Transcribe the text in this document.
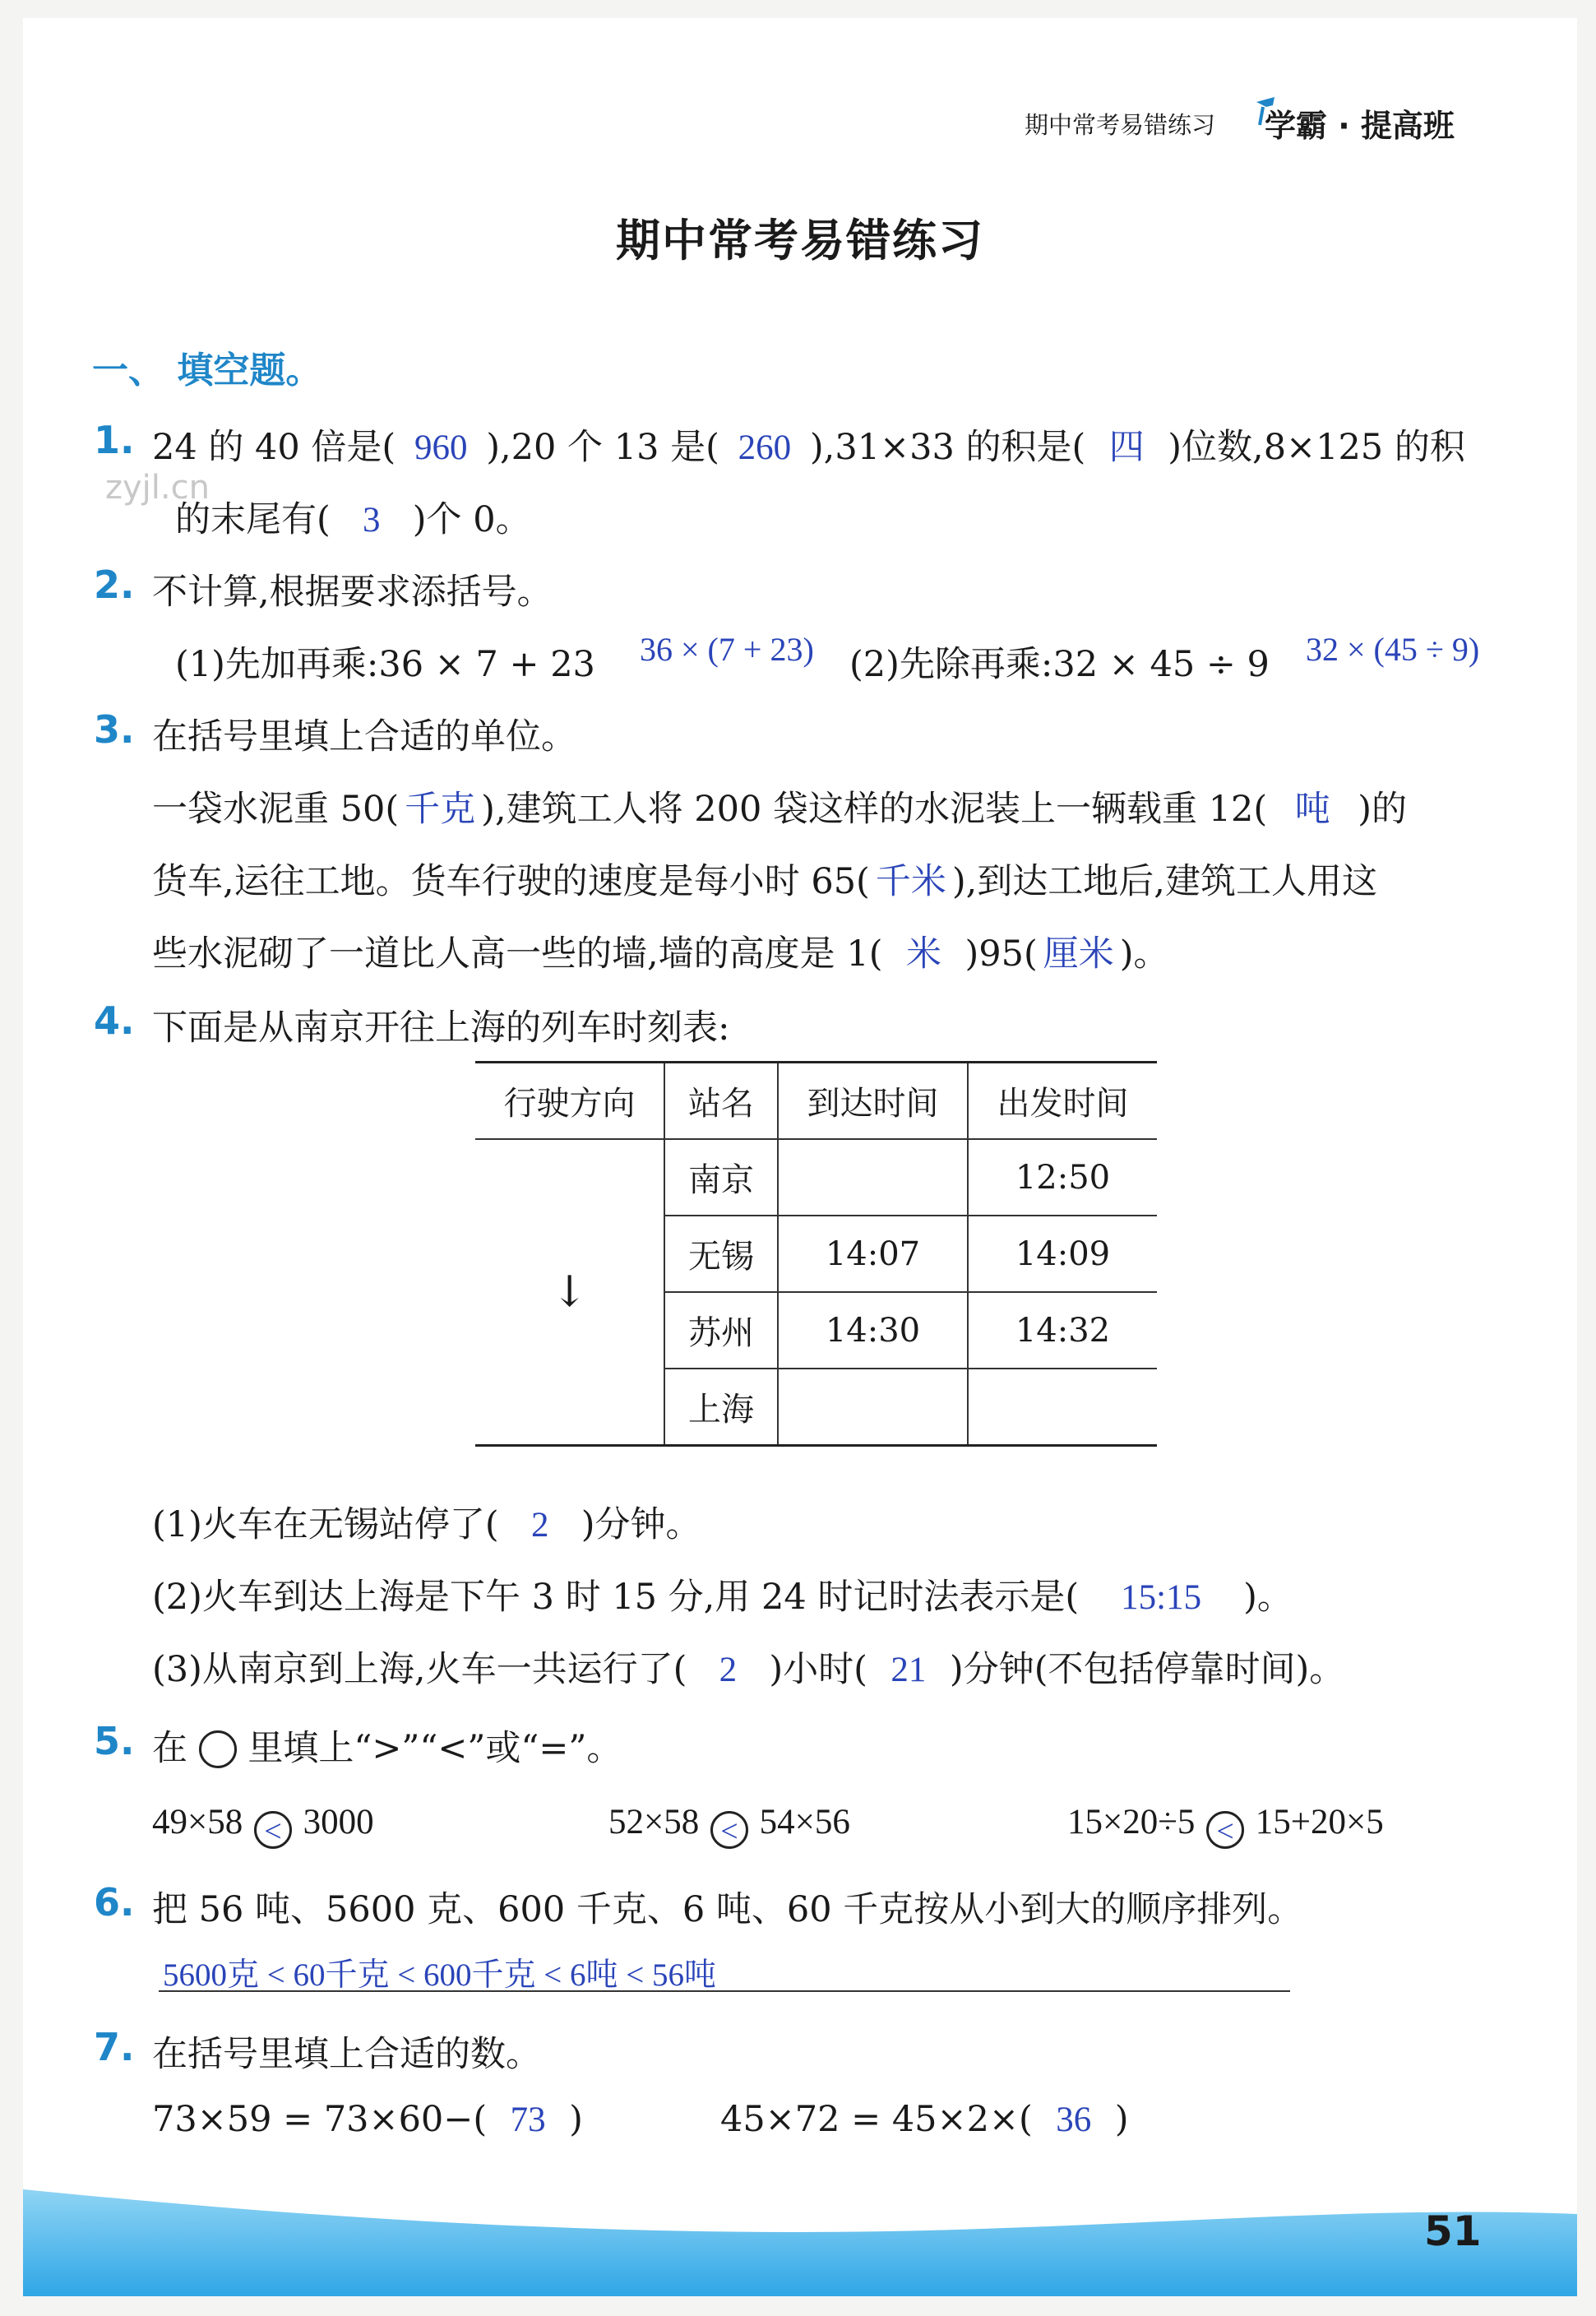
期中常考易错练习 学霸 · 提高班
期中常考易错练习
zyjl.cn
一、 填空题。
1. 24 的 40 倍是( 960 ),20 个 13 是( 260 ),31×33 的积是( 四 )位数,8×125 的积
的末尾有( 3 )个 0。
2. 不计算,根据要求添括号。
(1)先加再乘:36 × 7 + 23 36 × (7 + 23) (2)先除再乘:32 × 45 ÷ 9 32 × (45 ÷ 9)
3. 在括号里填上合适的单位。
一袋水泥重 50( 千克 ),建筑工人将 200 袋这样的水泥装上一辆载重 12( 吨 )的
货车,运往工地。货车行驶的速度是每小时 65( 千米 ),到达工地后,建筑工人用这
些水泥砌了一道比人高一些的墙,墙的高度是 1( 米 )95( 厘米 )。
4. 下面是从南京开往上海的列车时刻表:
行驶方向	站名	到达时间	出发时间
↓	南京		12:50
	无锡	14:07	14:09
	苏州	14:30	14:32
	上海		
(1)火车在无锡站停了( 2 )分钟。
(2)火车到达上海是下午 3 时 15 分,用 24 时记时法表示是( 15:15 )。
(3)从南京到上海,火车一共运行了( 2 )小时( 21 )分钟(不包括停靠时间)。
5. 在 里填上“>”“<”或“=”。
49×58 < 3000	52×58 < 54×56	15×20÷5 < 15+20×5
6. 把 56 吨、5600 克、600 千克、6 吨、60 千克按从小到大的顺序排列。
5600克 < 60千克 < 600千克 < 6吨 < 56吨
7. 在括号里填上合适的数。
73×59 = 73×60−( 73 )	45×72 = 45×2×( 36 )
51
